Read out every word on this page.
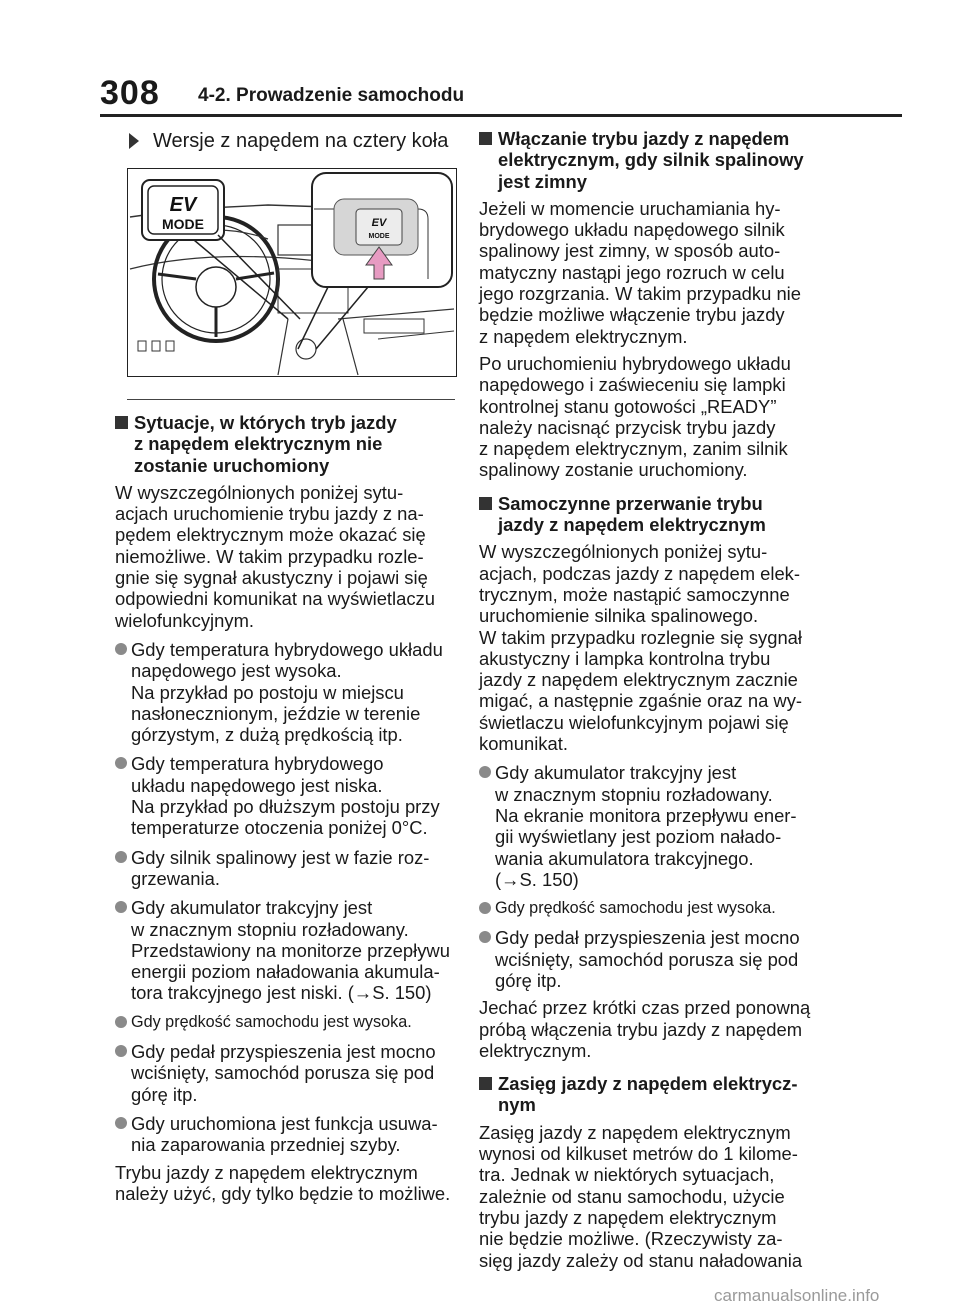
308 4-2. Prowadzenie samochodu
Wersje z napędem na cztery koła
EV
MODE	EV
MODE
Sytuacje, w których tryb jazdy
z napędem elektrycznym nie
zostanie uruchomiony
W wyszczególnionych poniżej sytu-
acjach uruchomienie trybu jazdy z na-
pędem elektrycznym może okazać się
niemożliwe. W takim przypadku rozle-
gnie się sygnał akustyczny i pojawi się
odpowiedni komunikat na wyświetlaczu
wielofunkcyjnym.
Gdy temperatura hybrydowego układu
napędowego jest wysoka.
Na przykład po postoju w miejscu
nasłonecznionym, jeździe w terenie
górzystym, z dużą prędkością itp.
Gdy temperatura hybrydowego
układu napędowego jest niska.
Na przykład po dłuższym postoju przy
temperaturze otoczenia poniżej 0°C.
Gdy silnik spalinowy jest w fazie roz-
grzewania.
Gdy akumulator trakcyjny jest
w znacznym stopniu rozładowany.
Przedstawiony na monitorze przepływu
energii poziom naładowania akumula-
tora trakcyjnego jest niski. (→S. 150)
Gdy prędkość samochodu jest wysoka.
Gdy pedał przyspieszenia jest mocno
wciśnięty, samochód porusza się pod
górę itp.
Gdy uruchomiona jest funkcja usuwa-
nia zaparowania przedniej szyby.
Trybu jazdy z napędem elektrycznym
należy użyć, gdy tylko będzie to możliwe.
Włączanie trybu jazdy z napędem
elektrycznym, gdy silnik spalinowy
jest zimny
Jeżeli w momencie uruchamiania hy-
brydowego układu napędowego silnik
spalinowy jest zimny, w sposób auto-
matyczny nastąpi jego rozruch w celu
jego rozgrzania. W takim przypadku nie
będzie możliwe włączenie trybu jazdy
z napędem elektrycznym.
Po uruchomieniu hybrydowego układu
napędowego i zaświeceniu się lampki
kontrolnej stanu gotowości „READY”
należy nacisnąć przycisk trybu jazdy
z napędem elektrycznym, zanim silnik
spalinowy zostanie uruchomiony.
Samoczynne przerwanie trybu
jazdy z napędem elektrycznym
W wyszczególnionych poniżej sytu-
acjach, podczas jazdy z napędem elek-
trycznym, może nastąpić samoczynne
uruchomienie silnika spalinowego.
W takim przypadku rozlegnie się sygnał
akustyczny i lampka kontrolna trybu
jazdy z napędem elektrycznym zacznie
migać, a następnie zgaśnie oraz na wy-
świetlaczu wielofunkcyjnym pojawi się
komunikat.
Gdy akumulator trakcyjny jest
w znacznym stopniu rozładowany.
Na ekranie monitora przepływu ener-
gii wyświetlany jest poziom nałado-
wania akumulatora trakcyjnego.
(→S. 150)
Gdy prędkość samochodu jest wysoka.
Gdy pedał przyspieszenia jest mocno
wciśnięty, samochód porusza się pod
górę itp.
Jechać przez krótki czas przed ponowną
próbą włączenia trybu jazdy z napędem
elektrycznym.
Zasięg jazdy z napędem elektrycz-
nym
Zasięg jazdy z napędem elektrycznym
wynosi od kilkuset metrów do 1 kilome-
tra. Jednak w niektórych sytuacjach,
zależnie od stanu samochodu, użycie
trybu jazdy z napędem elektrycznym
nie będzie możliwe. (Rzeczywisty za-
sięg jazdy zależy od stanu naładowania
carmanualsonline.info
